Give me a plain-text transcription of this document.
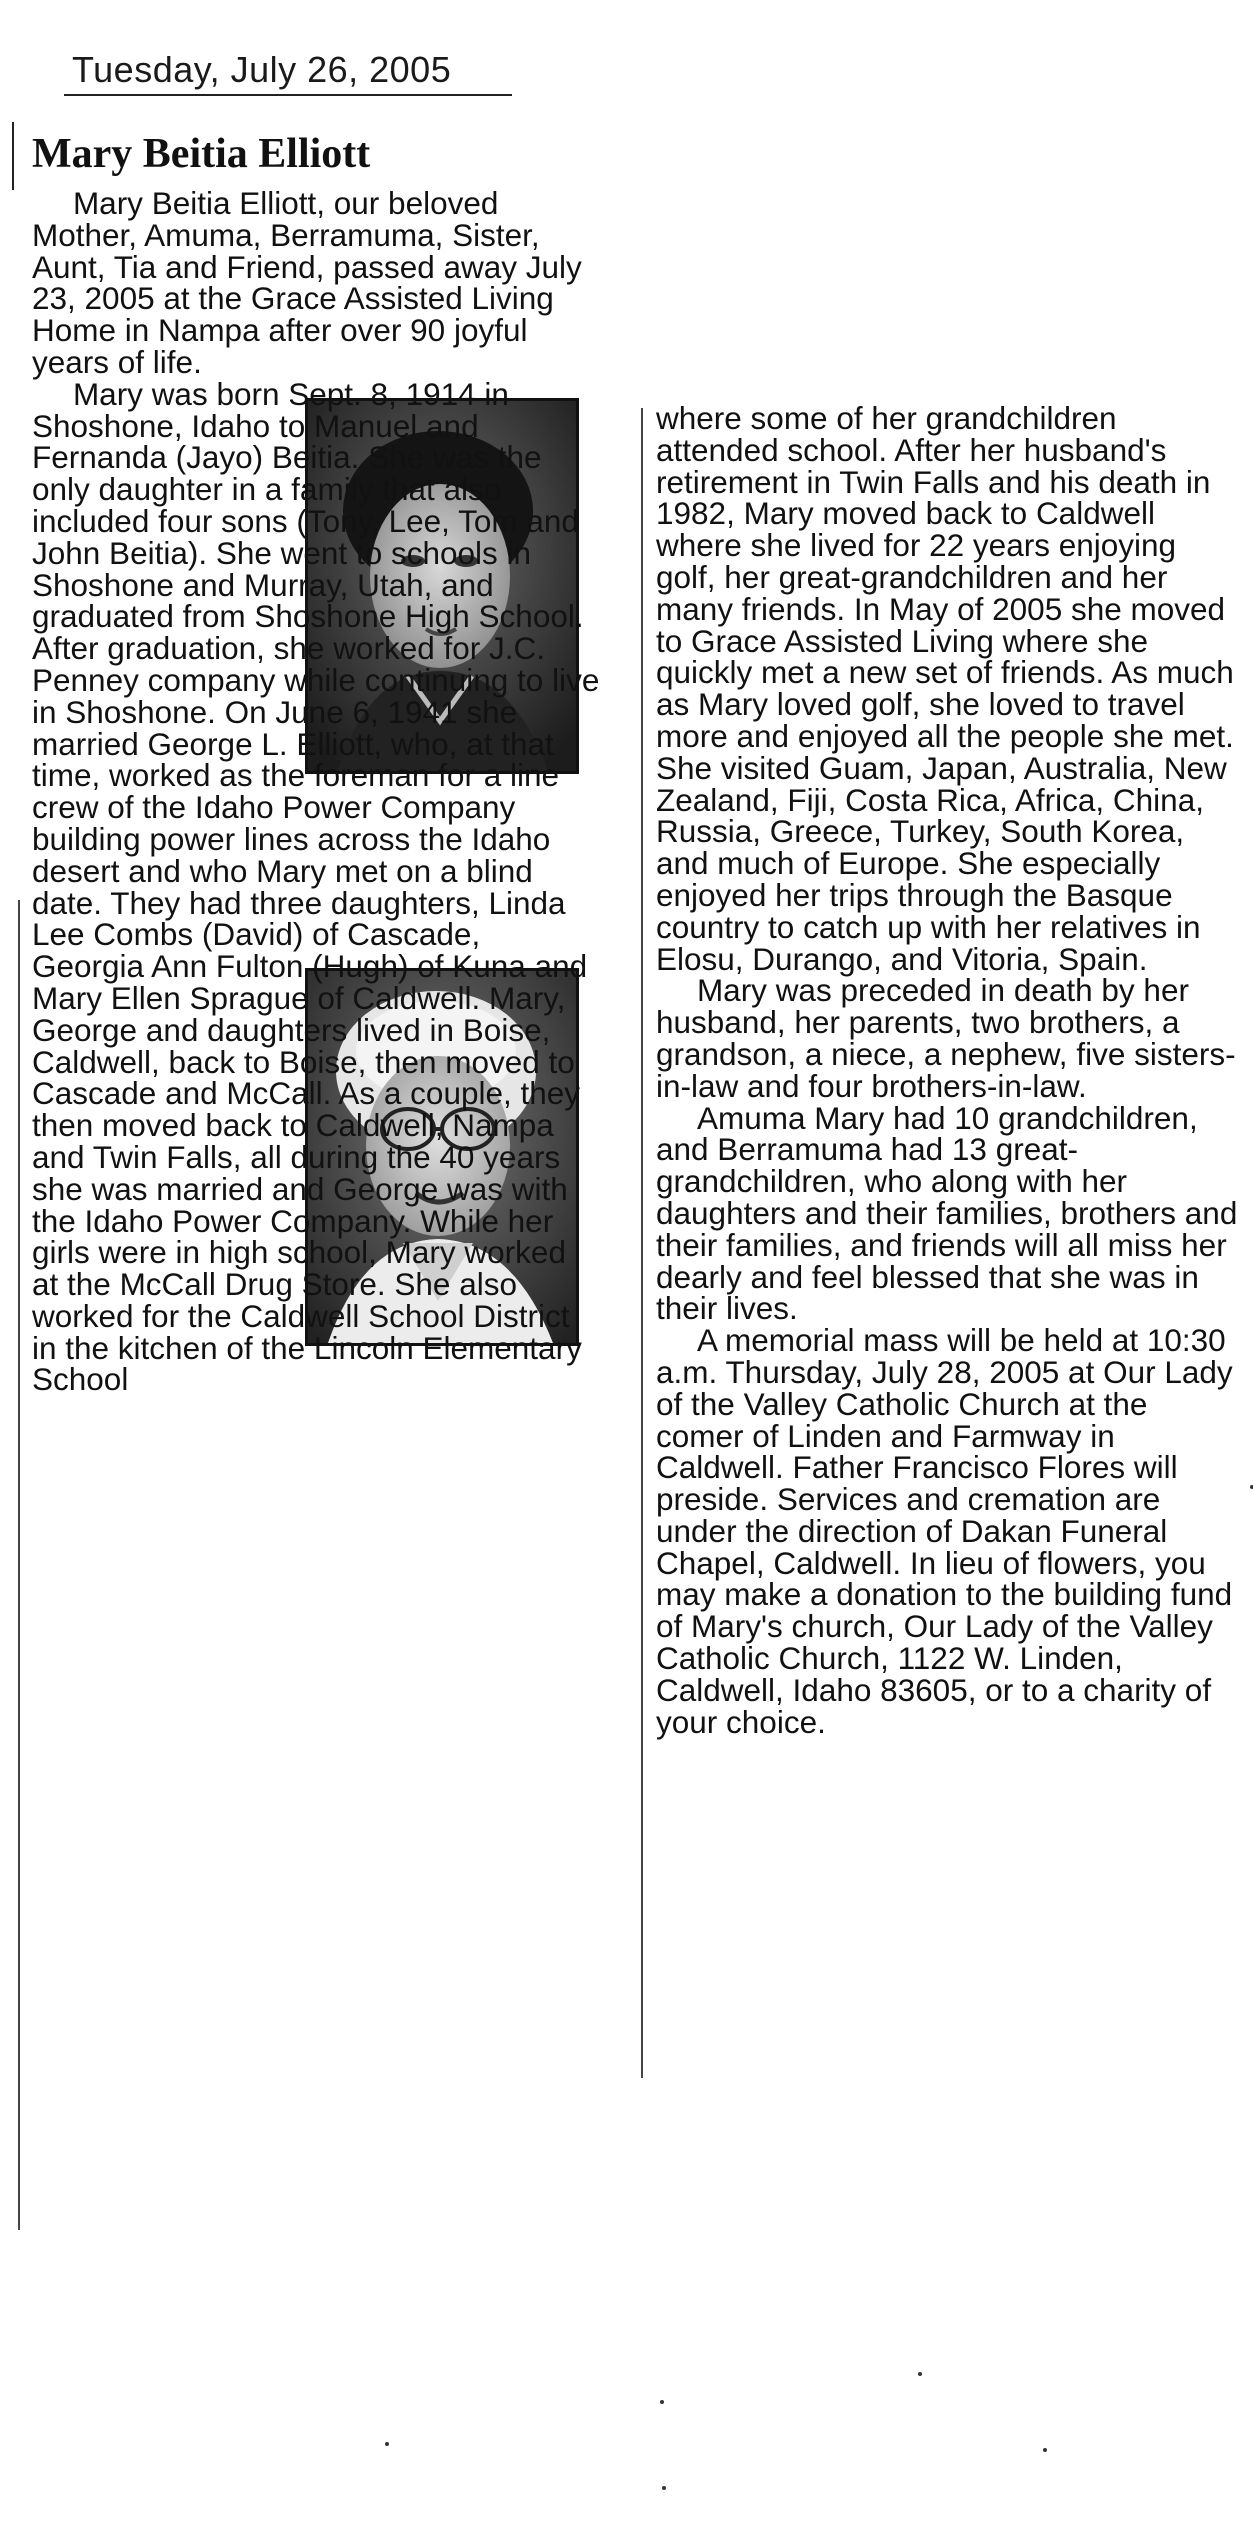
Tuesday, July 26, 2005
Mary Beitia Elliott

Mary Beitia Elliott, our beloved Mother, Amuma, Berramuma, Sister, Aunt, Tia and Friend, passed away July 23, 2005 at the Grace Assisted Living Home in Nampa after over 90 joyful years of life.

Mary was born Sept. 8, 1914 in Shoshone, Idaho to Manuel and Fernanda (Jayo) Beitia. She was the only daughter in a family that also included four sons (Tony, Lee, Tom and John Beitia). She went to schools in Shoshone and Murray, Utah, and graduated from Shoshone High School. After graduation, she worked for J.C. Penney company while continuing to live in Shoshone. On June 6, 1941 she married George L. Elliott, who, at that time, worked as the foreman for a line crew of the Idaho Power Company building power lines across the Idaho desert and who Mary met on a blind date. They had three daughters, Linda Lee Combs (David) of Cascade, Georgia Ann Fulton (Hugh) of Kuna and Mary Ellen Sprague of Caldwell. Mary, George and daughters lived in Boise, Caldwell, back to Boise, then moved to Cascade and McCall. As a couple, they then moved back to Caldwell, Nampa and Twin Falls, all during the 40 years she was married and George was with the Idaho Power Company. While her girls were in high school, Mary worked at the McCall Drug Store. She also worked for the Caldwell School District in the kitchen of the Lincoln Elementary School

where some of her grandchildren attended school. After her husband's retirement in Twin Falls and his death in 1982, Mary moved back to Caldwell where she lived for 22 years enjoying golf, her great-grandchildren and her many friends. In May of 2005 she moved to Grace Assisted Living where she quickly met a new set of friends. As much as Mary loved golf, she loved to travel more and enjoyed all the people she met. She visited Guam, Japan, Australia, New Zealand, Fiji, Costa Rica, Africa, China, Russia, Greece, Turkey, South Korea, and much of Europe. She especially enjoyed her trips through the Basque country to catch up with her relatives in Elosu, Durango, and Vitoria, Spain.

Mary was preceded in death by her husband, her parents, two brothers, a grandson, a niece, a nephew, five sisters-in-law and four brothers-in-law.

Amuma Mary had 10 grandchildren, and Berramuma had 13 great-grandchildren, who along with her daughters and their families, brothers and their families, and friends will all miss her dearly and feel blessed that she was in their lives.

A memorial mass will be held at 10:30 a.m. Thursday, July 28, 2005 at Our Lady of the Valley Catholic Church at the comer of Linden and Farmway in Caldwell. Father Francisco Flores will preside. Services and cremation are under the direction of Dakan Funeral Chapel, Caldwell. In lieu of flowers, you may make a donation to the building fund of Mary's church, Our Lady of the Valley Catholic Church, 1122 W. Linden, Caldwell, Idaho 83605, or to a charity of your choice.
